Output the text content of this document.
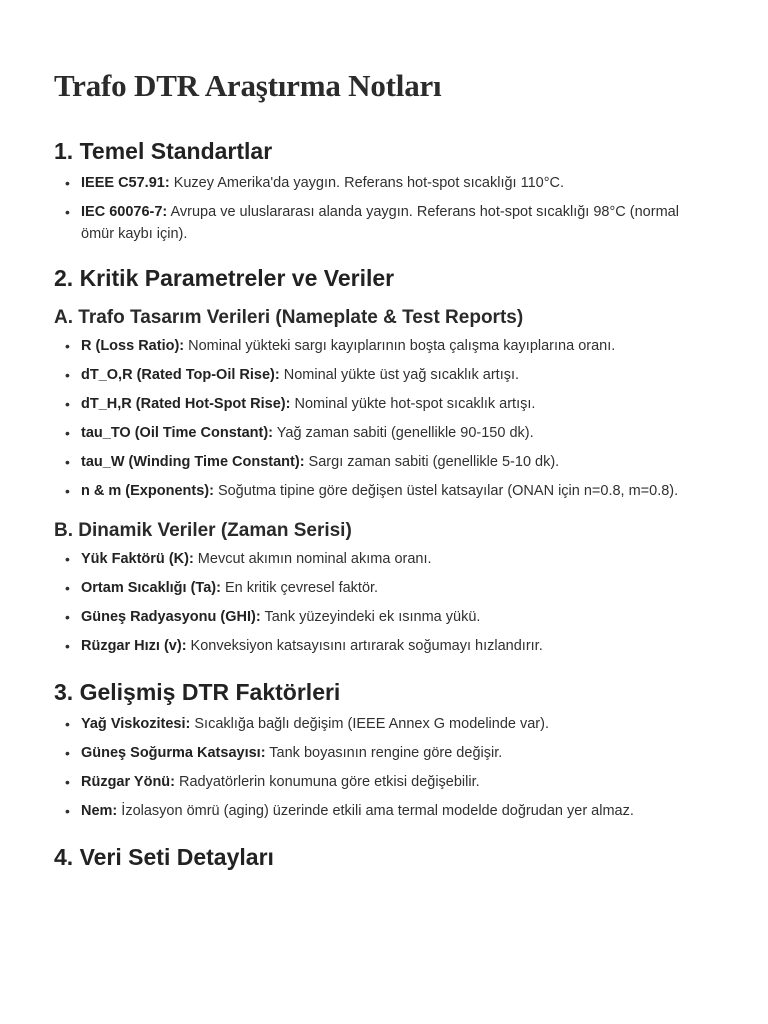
Trafo DTR Araştırma Notları
1. Temel Standartlar
• IEEE C57.91: Kuzey Amerika'da yaygın. Referans hot-spot sıcaklığı 110°C.
• IEC 60076-7: Avrupa ve uluslararası alanda yaygın. Referans hot-spot sıcaklığı 98°C (normal ömür kaybı için).
2. Kritik Parametreler ve Veriler
A. Trafo Tasarım Verileri (Nameplate & Test Reports)
• R (Loss Ratio): Nominal yükteki sargı kayıplarının boşta çalışma kayıplarına oranı.
• dT_O,R (Rated Top-Oil Rise): Nominal yükte üst yağ sıcaklık artışı.
• dT_H,R (Rated Hot-Spot Rise): Nominal yükte hot-spot sıcaklık artışı.
• tau_TO (Oil Time Constant): Yağ zaman sabiti (genellikle 90-150 dk).
• tau_W (Winding Time Constant): Sargı zaman sabiti (genellikle 5-10 dk).
• n & m (Exponents): Soğutma tipine göre değişen üstel katsayılar (ONAN için n=0.8, m=0.8).
B. Dinamik Veriler (Zaman Serisi)
• Yük Faktörü (K): Mevcut akımın nominal akıma oranı.
• Ortam Sıcaklığı (Ta): En kritik çevresel faktör.
• Güneş Radyasyonu (GHI): Tank yüzeyindeki ek ısınma yükü.
• Rüzgar Hızı (v): Konveksiyon katsayısını artırarak soğumayı hızlandırır.
3. Gelişmiş DTR Faktörleri
• Yağ Viskozitesi: Sıcaklığa bağlı değişim (IEEE Annex G modelinde var).
• Güneş Soğurma Katsayısı: Tank boyasının rengine göre değişir.
• Rüzgar Yönü: Radyatörlerin konumuna göre etkisi değişebilir.
• Nem: İzolasyon ömrü (aging) üzerinde etkili ama termal modelde doğrudan yer almaz.
4. Veri Seti Detayları
